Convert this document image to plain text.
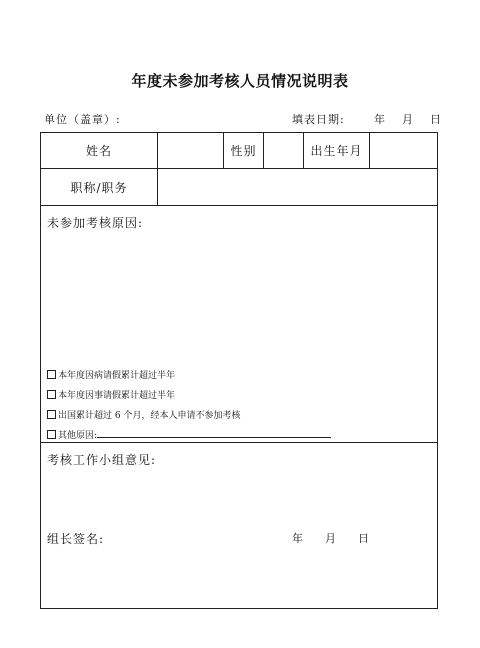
年度未参加考核人员情况说明表
单位（盖章）:	填表日期:	年 月 日
姓名	性别	出生年月
职称/职务
未参加考核原因:
本年度因病请假累计超过半年
本年度因事请假累计超过半年
出国累计超过 6 个月，经本人申请不参加考核
其他原因:
考核工作小组意见:
组长签名:	年 月 日
